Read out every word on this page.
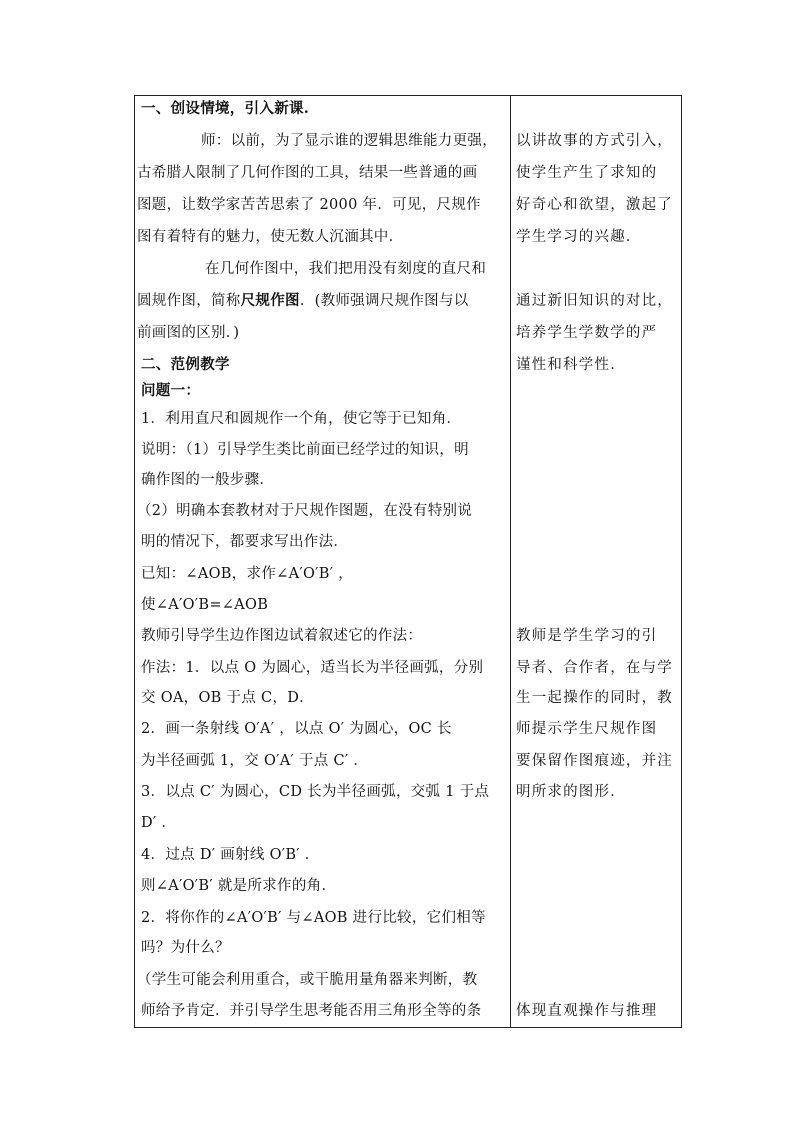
一、创设情境，引入新课.
师：以前，为了显示谁的逻辑思维能力更强，
古希腊人限制了几何作图的工具，结果一些普通的画
图题，让数学家苦苦思索了 2000 年．可见，尺规作
图有着特有的魅力，使无数人沉湎其中．
在几何作图中，我们把用没有刻度的直尺和
圆规作图，简称尺规作图．(教师强调尺规作图与以
前画图的区别．)
二、范例教学
问题一：
1．利用直尺和圆规作一个角，使它等于已知角．
说明：（1）引导学生类比前面已经学过的知识，明
确作图的一般步骤．
（2）明确本套教材对于尺规作图题，在没有特别说
明的情况下，都要求写出作法．
已知：∠AOB，求作∠A′O′B′ ，
使∠A′O′B=∠AOB
教师引导学生边作图边试着叙述它的作法：
作法：1．以点 O 为圆心，适当长为半径画弧，分别
交 OA，OB 于点 C，D．
2．画一条射线 O′A′ ，以点 O′ 为圆心，OC 长
为半径画弧 1，交 O′A′ 于点 C′ ．
3．以点 C′ 为圆心，CD 长为半径画弧，交弧 1 于点
D′ ．
4．过点 D′ 画射线 O′B′ ．
则∠A′O′B′ 就是所求作的角．
2．将你作的∠A′O′B′ 与∠AOB 进行比较，它们相等
吗？为什么？
（学生可能会利用重合，或干脆用量角器来判断，教
师给予肯定．并引导学生思考能否用三角形全等的条
以讲故事的方式引入，
使学生产生了求知的
好奇心和欲望，激起了
学生学习的兴趣．
通过新旧知识的对比，
培养学生学数学的严
谨性和科学性．
教师是学生学习的引
导者、合作者，在与学
生一起操作的同时，教
师提示学生尺规作图
要保留作图痕迹，并注
明所求的图形．
体现直观操作与推理
